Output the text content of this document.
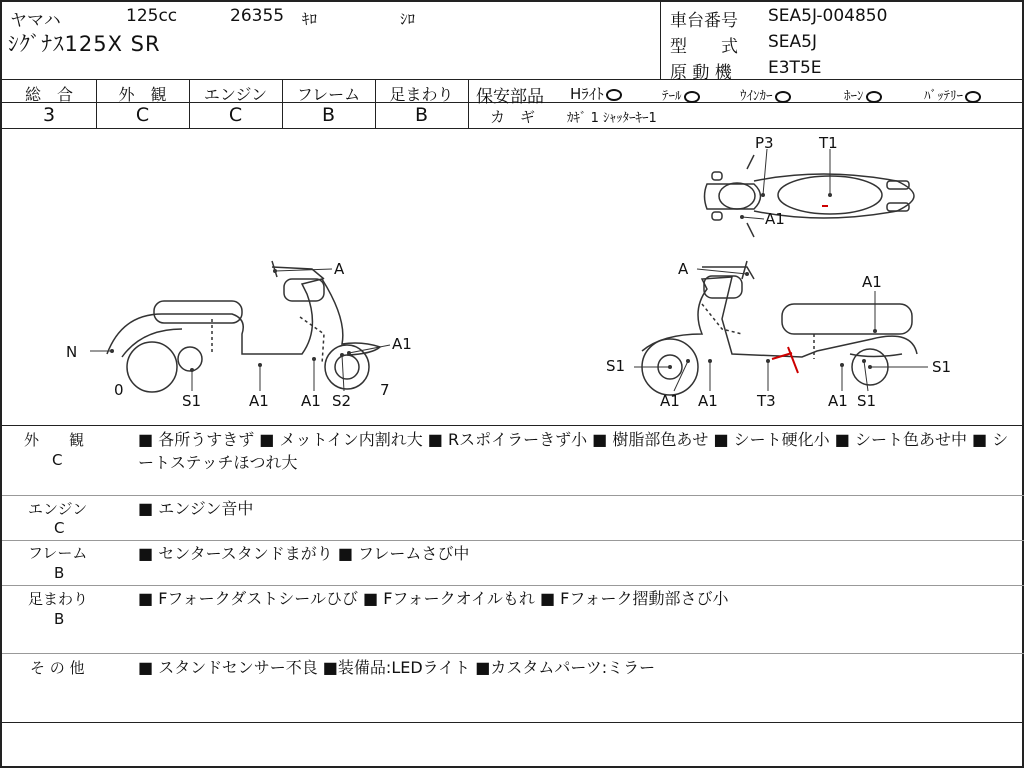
ヤマハ	125cc	26355 ｷﾛ	ｼﾛ
ｼｸﾞﾅｽ125X SR
車台番号 SEA5J-004850
型　　式 SEA5J
原 動 機 E3T5E
総　合
3
外　観
C
エンジン
C
フレーム
B
足まわり
B
保安部品 Hﾗｲﾄ	ﾃｰﾙ	ｳｲﾝｶｰ	ﾎｰﾝ	ﾊﾞｯﾃﾘｰ
カ　ギ ｶｷﾞ 1 ｼｬｯﾀｰｷｰ1
P3	T1
A1
A
N	A1
0	7
S1	A1 A1 S2
A
A1
S1	S1
A1 A1	T3	A1 S1
外　　観
C
■ 各所うすきず ■ メットイン内割れ大 ■ Rスポイラーきず小 ■ 樹脂部色あせ ■ シート硬化小 ■ シート色あせ中 ■ シートステッチほつれ大
エンジン
C
■ エンジン音中
フレーム
B
■ センタースタンドまがり ■ フレームさび中
足まわり
B
■ Fフォークダストシールひび ■ Fフォークオイルもれ ■ Fフォーク摺動部さび小
そ の 他	■ スタンドセンサー不良 ■装備品:LEDライト ■カスタムパーツ:ミラー
